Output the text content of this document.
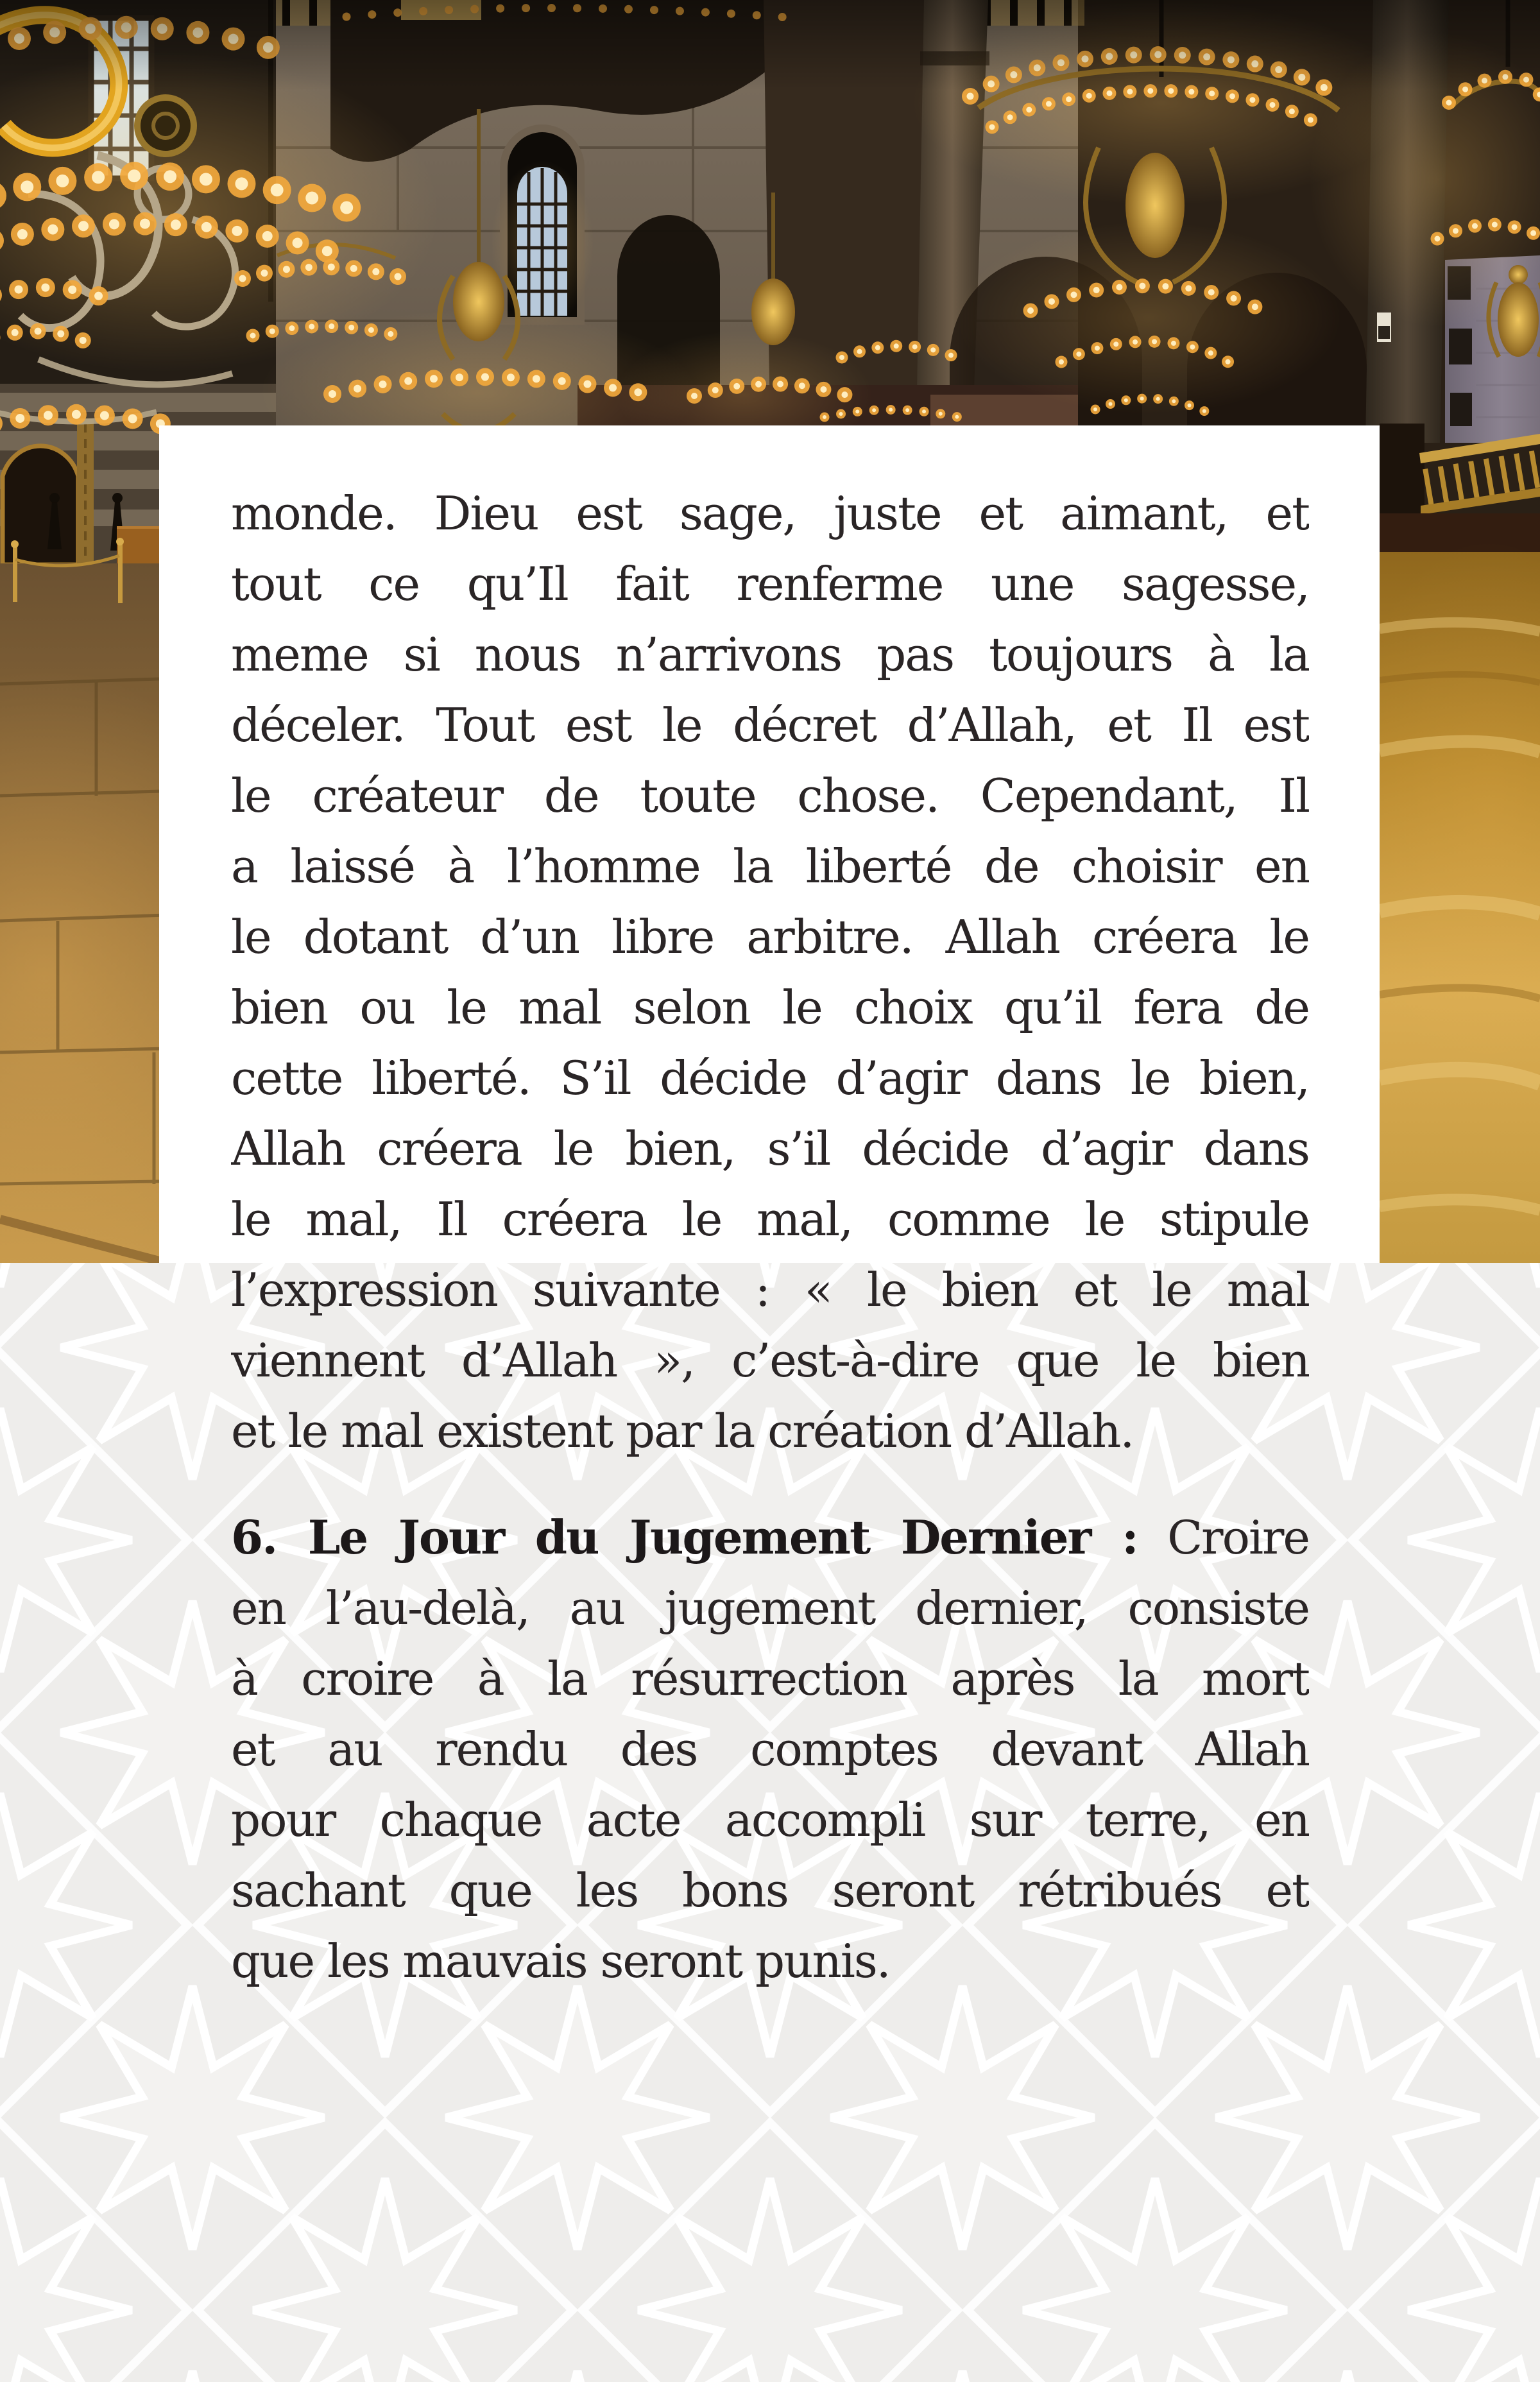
monde. Dieu est sage, juste et aimant, et
tout ce qu’Il fait renferme une sagesse,
meme si nous n’arrivons pas toujours à la
déceler. Tout est le décret d’Allah, et Il est
le créateur de toute chose. Cependant, Il
a laissé à l’homme la liberté de choisir en
le dotant d’un libre arbitre. Allah créera le
bien ou le mal selon le choix qu’il fera de
cette liberté. S’il décide d’agir dans le bien,
Allah créera le bien, s’il décide d’agir dans
le mal, Il créera le mal, comme le stipule
l’expression suivante : « le bien et le mal
viennent d’Allah », c’est-à-dire que le bien
et le mal existent par la création d’Allah.
6. Le Jour du Jugement Dernier : Croire
en l’au-delà, au jugement dernier, consiste
à croire à la résurrection après la mort
et au rendu des comptes devant Allah
pour chaque acte accompli sur terre, en
sachant que les bons seront rétribués et
que les mauvais seront punis.
